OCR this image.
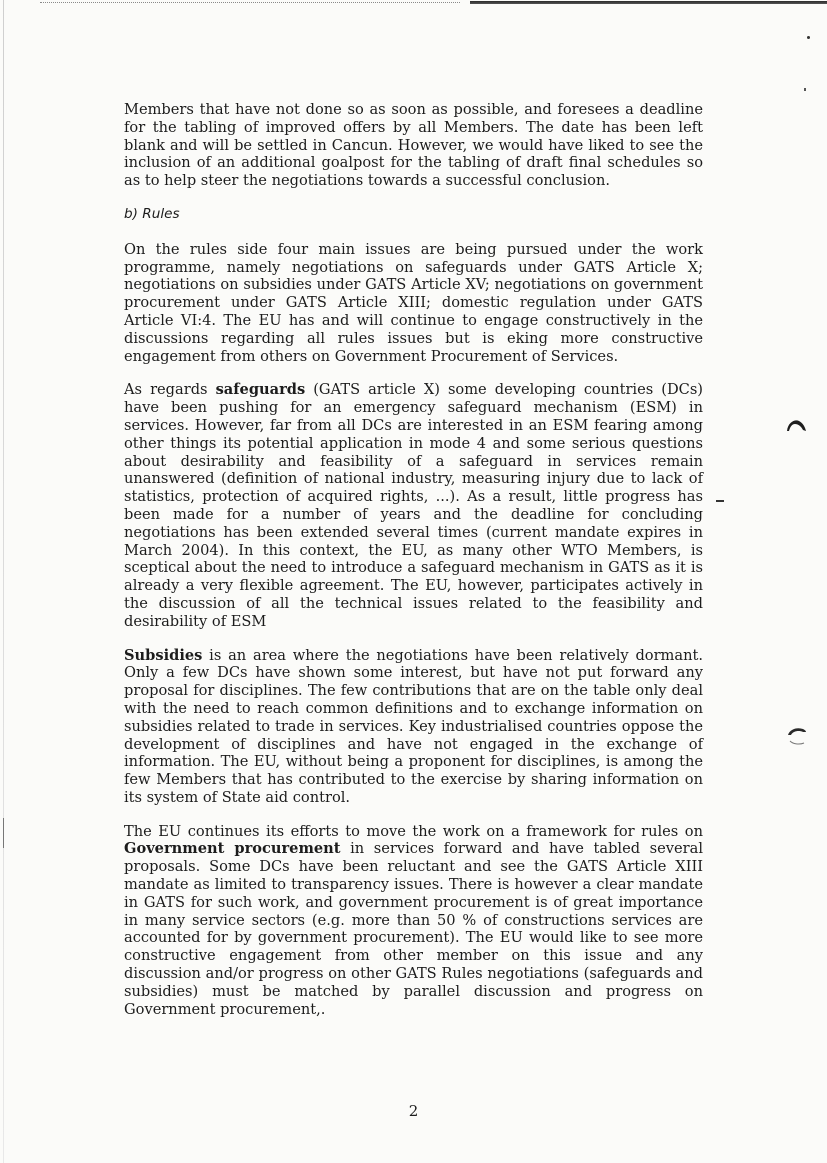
Members that have not done so as soon as possible, and foresees a deadline for the tabling of improved offers by all Members. The date has been left blank and will be settled in Cancun. However, we would have liked to see the inclusion of an additional goalpost for the tabling of draft final schedules so as to help steer the negotiations towards a successful conclusion.

b) Rules

On the rules side four main issues are being pursued under the work programme, namely negotiations on safeguards under GATS Article X; negotiations on subsidies under GATS Article XV; negotiations on government procurement under GATS Article XIII; domestic regulation under GATS Article VI:4. The EU has and will continue to engage constructively in the discussions regarding all rules issues but is eking more constructive engagement from others on Government Procurement of Services.

As regards safeguards (GATS article X) some developing countries (DCs) have been pushing for an emergency safeguard mechanism (ESM) in services. However, far from all DCs are interested in an ESM fearing among other things its potential application in mode 4 and some serious questions about desirability and feasibility of a safeguard in services remain unanswered (definition of national industry, measuring injury due to lack of statistics, protection of acquired rights, ...). As a result, little progress has been made for a number of years and the deadline for concluding negotiations has been extended several times (current mandate expires in March 2004). In this context, the EU, as many other WTO Members, is sceptical about the need to introduce a safeguard mechanism in GATS as it is already a very flexible agreement. The EU, however, participates actively in the discussion of all the technical issues related to the feasibility and desirability of ESM

Subsidies is an area where the negotiations have been relatively dormant. Only a few DCs have shown some interest, but have not put forward any proposal for disciplines. The few contributions that are on the table only deal with the need to reach common definitions and to exchange information on subsidies related to trade in services. Key industrialised countries oppose the development of disciplines and have not engaged in the exchange of information. The EU, without being a proponent for disciplines, is among the few Members that has contributed to the exercise by sharing information on its system of State aid control.

The EU continues its efforts to move the work on a framework for rules on Government procurement in services forward and have tabled several proposals. Some DCs have been reluctant and see the GATS Article XIII mandate as limited to transparency issues. There is however a clear mandate in GATS for such work, and government procurement is of great importance in many service sectors (e.g. more than 50 % of constructions services are accounted for by government procurement). The EU would like to see more constructive engagement from other member on this issue and any discussion and/or progress on other GATS Rules negotiations (safeguards and subsidies) must be matched by parallel discussion and progress on Government procurement,.

2
